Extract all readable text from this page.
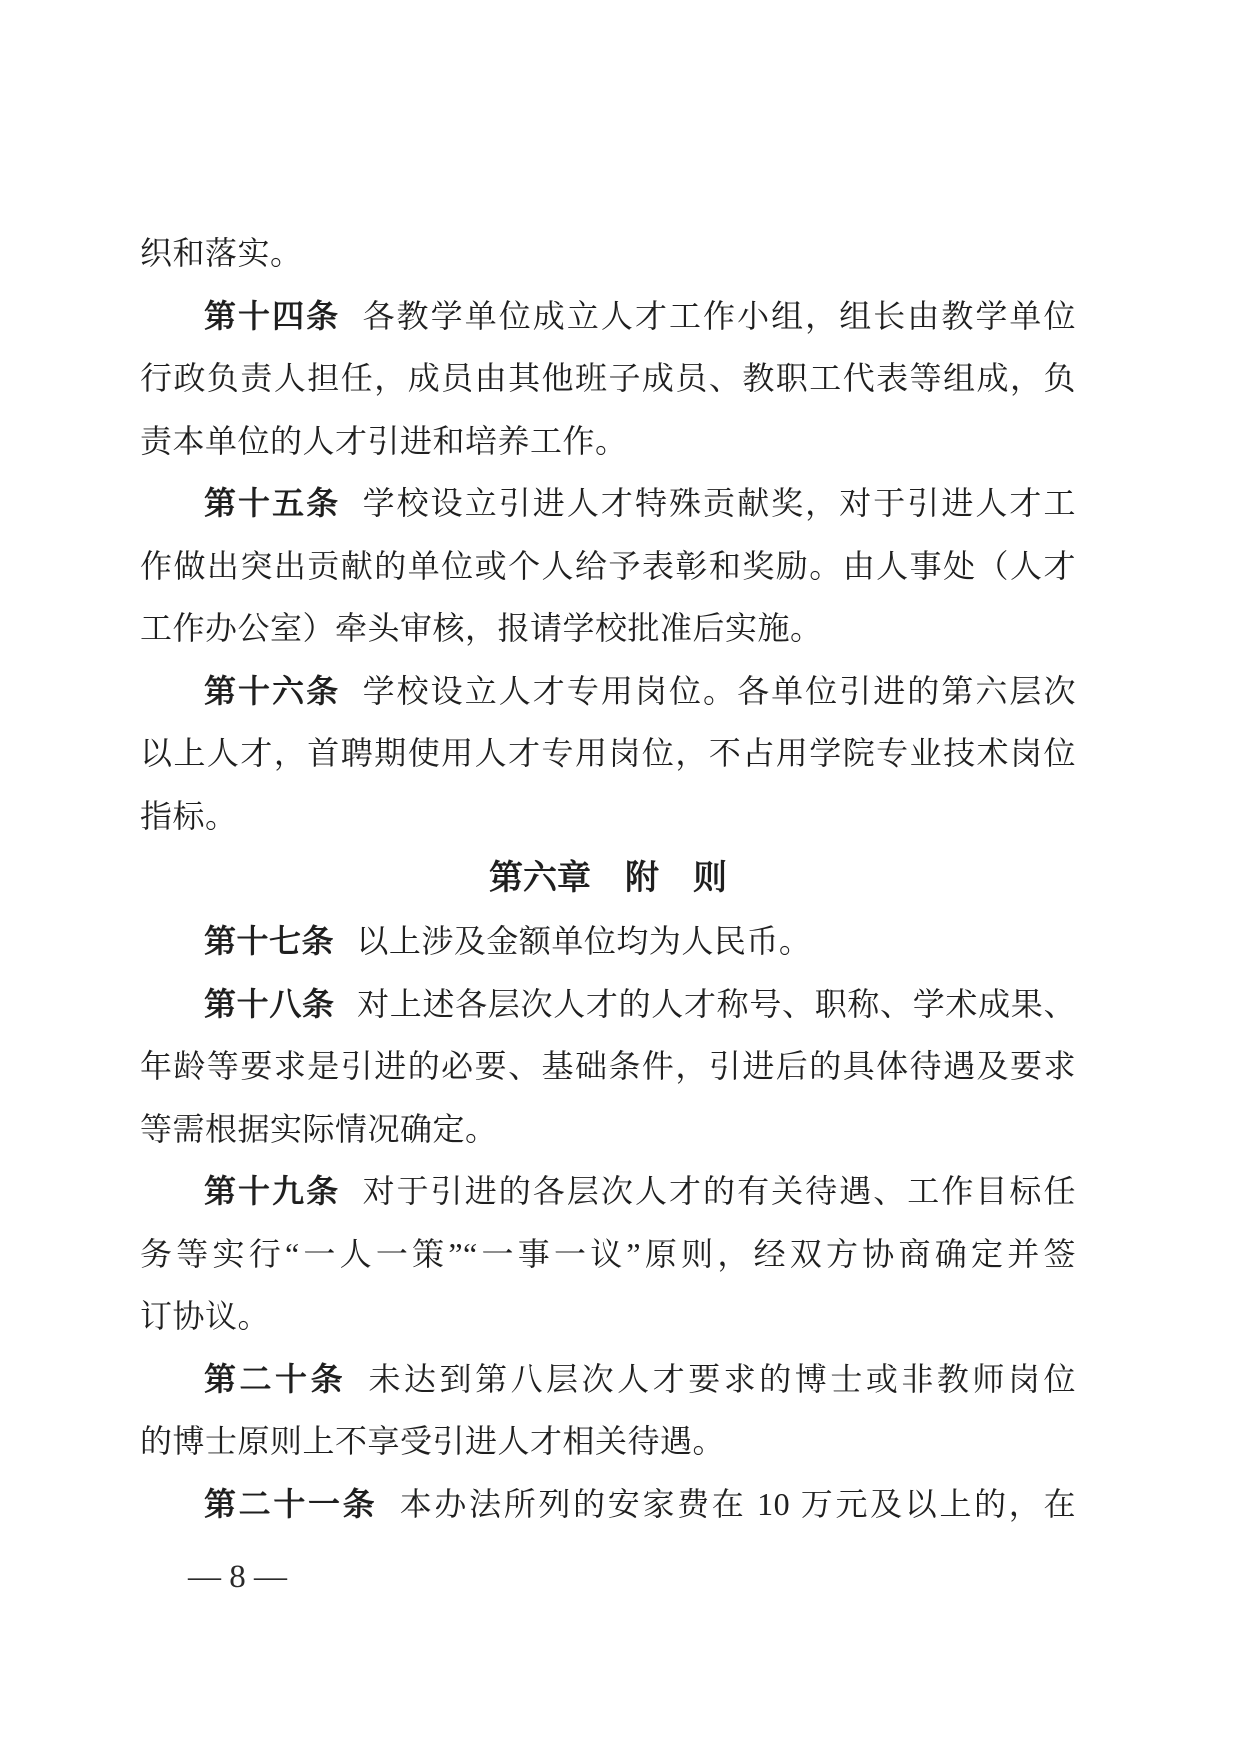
织和落实。
第十四条 各教学单位成立人才工作小组，组长由教学单位
行政负责人担任，成员由其他班子成员、教职工代表等组成，负
责本单位的人才引进和培养工作。
第十五条 学校设立引进人才特殊贡献奖，对于引进人才工
作做出突出贡献的单位或个人给予表彰和奖励。由人事处（人才
工作办公室）牵头审核，报请学校批准后实施。
第十六条 学校设立人才专用岗位。各单位引进的第六层次
以上人才，首聘期使用人才专用岗位，不占用学院专业技术岗位
指标。
第六章　附　则
第十七条 以上涉及金额单位均为人民币。
第十八条 对上述各层次人才的人才称号、职称、学术成果、
年龄等要求是引进的必要、基础条件，引进后的具体待遇及要求
等需根据实际情况确定。
第十九条 对于引进的各层次人才的有关待遇、工作目标任
务等实行“一人一策”“一事一议”原则，经双方协商确定并签
订协议。
第二十条 未达到第八层次人才要求的博士或非教师岗位
的博士原则上不享受引进人才相关待遇。
第二十一条 本办法所列的安家费在 10 万元及以上的，在
— 8 —
